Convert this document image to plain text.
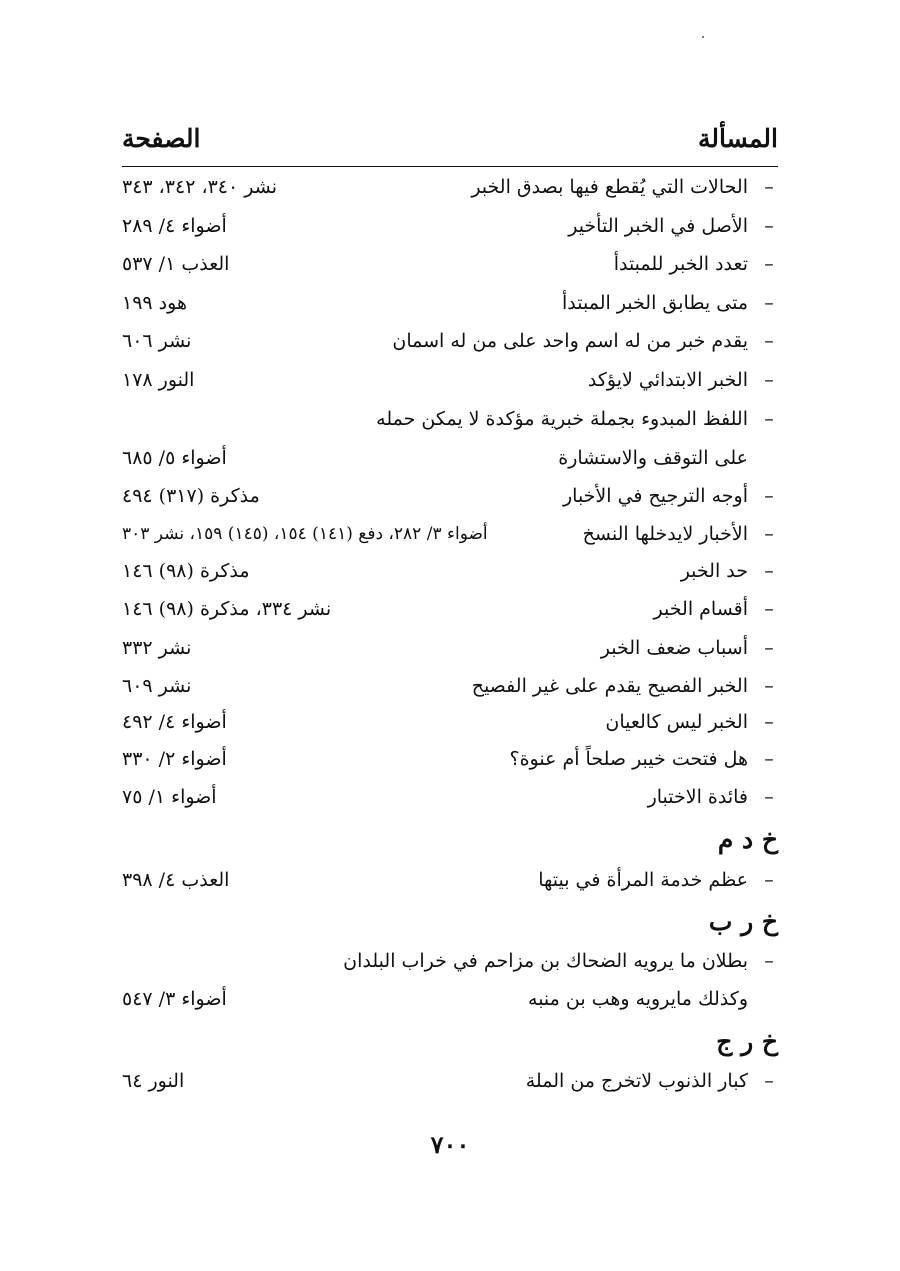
المسألة
الصفحة
–
الحالات التي يُقطع فيها بصدق الخبر
نشر ٣٤٠، ٣٤٢، ٣٤٣
–
الأصل في الخبر التأخير
أضواء ٤/ ٢٨٩
–
تعدد الخبر للمبتدأ
العذب ١/ ٥٣٧
–
متى يطابق الخبر المبتدأ
هود ١٩٩
–
يقدم خبر من له اسم واحد على من له اسمان
نشر ٦٠٦
–
الخبر الابتدائي لايؤكد
النور ١٧٨
–
اللفظ المبدوء بجملة خبرية مؤكدة لا يمكن حمله
على التوقف والاستشارة
أضواء ٥/ ٦٨٥
–
أوجه الترجيح في الأخبار
مذكرة (٣١٧) ٤٩٤
–
الأخبار لايدخلها النسخ
أضواء ٣/ ٢٨٢، دفع (١٤١) ١٥٤، (١٤٥) ١٥٩، نشر ٣٠٣
–
حد الخبر
مذكرة (٩٨) ١٤٦
–
أقسام الخبر
نشر ٣٣٤، مذكرة (٩٨) ١٤٦
–
أسباب ضعف الخبر
نشر ٣٣٢
–
الخبر الفصيح يقدم على غير الفصيح
نشر ٦٠٩
–
الخبر ليس كالعيان
أضواء ٤/ ٤٩٢
–
هل فتحت خيبر صلحاً أم عنوة؟
أضواء ٢/ ٣٣٠
–
فائدة الاختبار
أضواء ١/ ٧٥
خ د م
–
عظم خدمة المرأة في بيتها
العذب ٤/ ٣٩٨
خ ر ب
–
بطلان ما يرويه الضحاك بن مزاحم في خراب البلدان
وكذلك مايرويه وهب بن منبه
أضواء ٣/ ٥٤٧
خ ر ج
–
كبار الذنوب لاتخرج من الملة
النور ٦٤
٧٠٠
